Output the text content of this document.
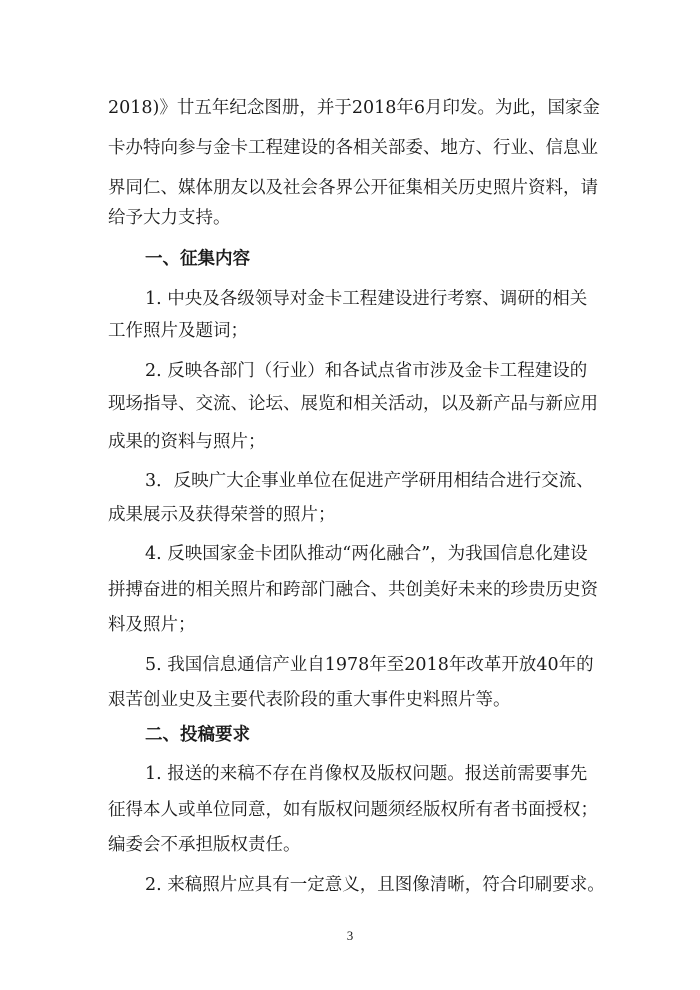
2018)》廿五年纪念图册，并于2018年6月印发。为此，国家金
卡办特向参与金卡工程建设的各相关部委、地方、行业、信息业
界同仁、媒体朋友以及社会各界公开征集相关历史照片资料，请
给予大力支持。
一、征集内容
1. 中央及各级领导对金卡工程建设进行考察、调研的相关
工作照片及题词；
2. 反映各部门（行业）和各试点省市涉及金卡工程建设的
现场指导、交流、论坛、展览和相关活动，以及新产品与新应用
成果的资料与照片；
3．反映广大企事业单位在促进产学研用相结合进行交流、
成果展示及获得荣誉的照片；
4. 反映国家金卡团队推动“两化融合”，为我国信息化建设
拼搏奋进的相关照片和跨部门融合、共创美好未来的珍贵历史资
料及照片；
5. 我国信息通信产业自1978年至2018年改革开放40年的
艰苦创业史及主要代表阶段的重大事件史料照片等。
二、投稿要求
1. 报送的来稿不存在肖像权及版权问题。报送前需要事先
征得本人或单位同意，如有版权问题须经版权所有者书面授权；
编委会不承担版权责任。
2. 来稿照片应具有一定意义，且图像清晰，符合印刷要求。
3
